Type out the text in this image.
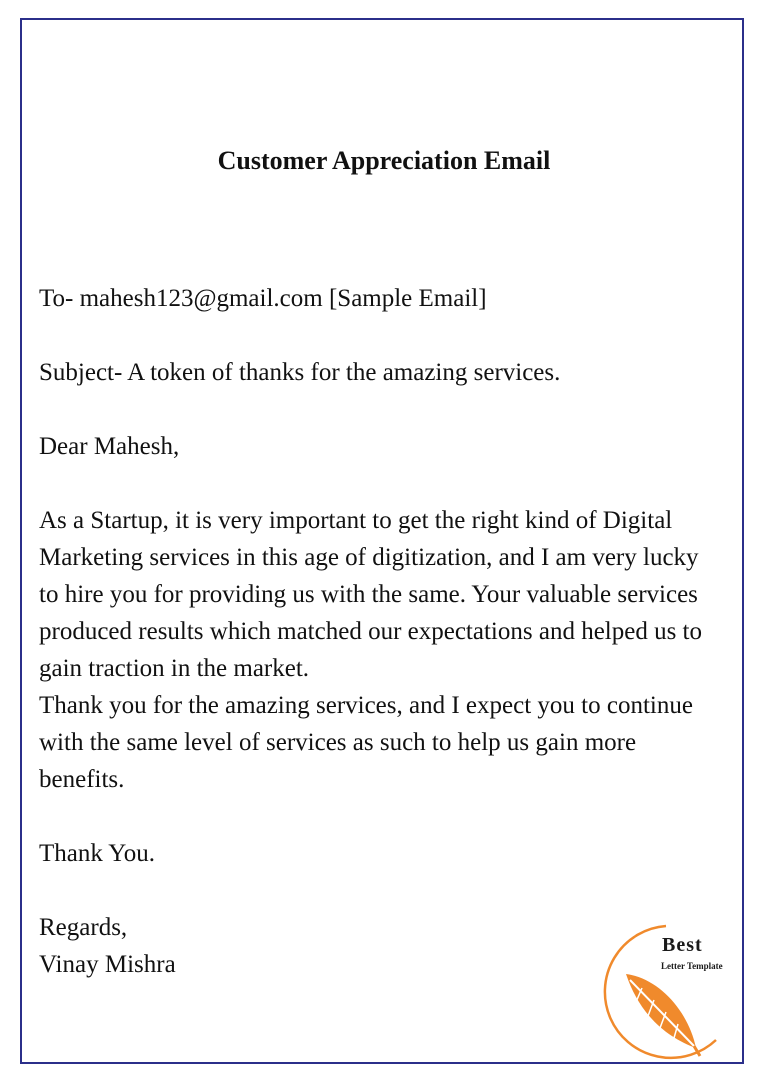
Customer Appreciation Email

To- mahesh123@gmail.com [Sample Email]

Subject- A token of thanks for the amazing services.

Dear Mahesh,

As a Startup, it is very important to get the right kind of Digital

Marketing services in this age of digitization, and I am very lucky

to hire you for providing us with the same. Your valuable services

produced results which matched our expectations and helped us to

gain traction in the market.

Thank you for the amazing services, and I expect you to continue

with the same level of services as such to help us gain more

benefits.

Thank You.

Regards,

Vinay Mishra

Best
Letter Template
